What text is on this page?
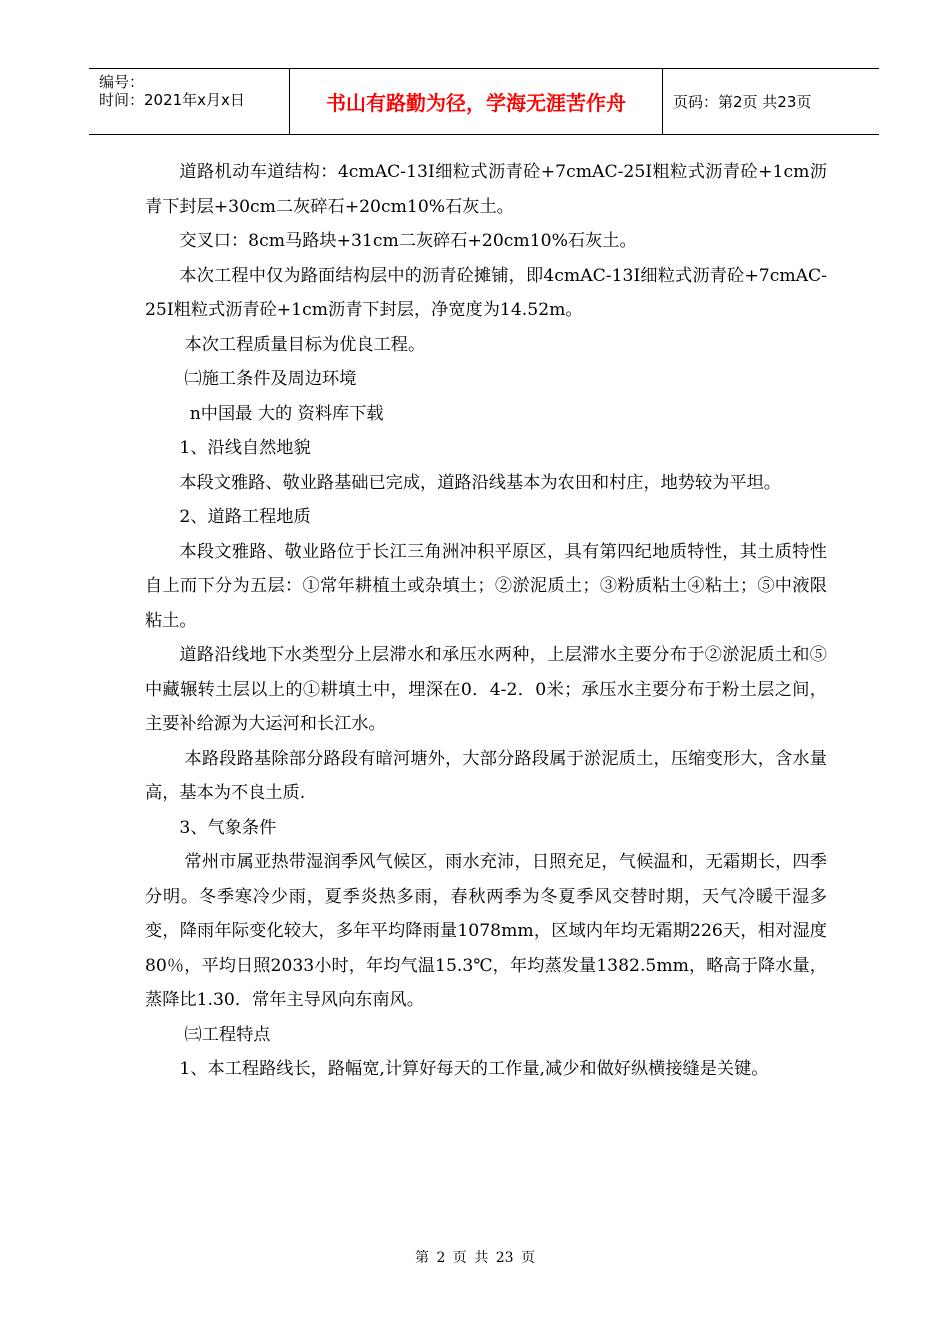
编号：
时间：2021年x月x日	书山有路勤为径，学海无涯苦作舟	页码：第2页 共23页

道路机动车道结构：4cmAC-13I细粒式沥青砼+7cmAC-25I粗粒式沥青砼+1cm沥青下封层+30cm二灰碎石+20cm10%石灰土。

交叉口：8cm马路块+31cm二灰碎石+20cm10%石灰土。

本次工程中仅为路面结构层中的沥青砼摊铺，即4cmAC-13I细粒式沥青砼+7cmAC-25I粗粒式沥青砼+1cm沥青下封层，净宽度为14.52m。

本次工程质量目标为优良工程。

㈡施工条件及周边环境

n中国最 大的 资料库下载

1、沿线自然地貌

本段文雅路、敬业路基础已完成，道路沿线基本为农田和村庄，地势较为平坦。

2、道路工程地质

本段文雅路、敬业路位于长江三角洲冲积平原区，具有第四纪地质特性，其土质特性自上而下分为五层：①常年耕植土或杂填土；②淤泥质土；③粉质粘土④粘土；⑤中液限粘土。

道路沿线地下水类型分上层滞水和承压水两种，上层滞水主要分布于②淤泥质土和⑤中藏辗转土层以上的①耕填土中，埋深在0．4-2．0米；承压水主要分布于粉土层之间，主要补给源为大运河和长江水。

本路段路基除部分路段有暗河塘外，大部分路段属于淤泥质土，压缩变形大，含水量高，基本为不良土质.

3、气象条件

常州市属亚热带湿润季风气候区，雨水充沛，日照充足，气候温和，无霜期长，四季分明。冬季寒冷少雨，夏季炎热多雨，春秋两季为冬夏季风交替时期，天气冷暖干湿多变，降雨年际变化较大，多年平均降雨量1078mm，区域内年均无霜期226天，相对湿度80％，平均日照2033小时，年均气温15.3℃，年均蒸发量1382.5mm，略高于降水量，蒸降比1.30．常年主导风向东南风。

㈢工程特点

1、本工程路线长，路幅宽,计算好每天的工作量,减少和做好纵横接缝是关键。

第 2 页 共 23 页
